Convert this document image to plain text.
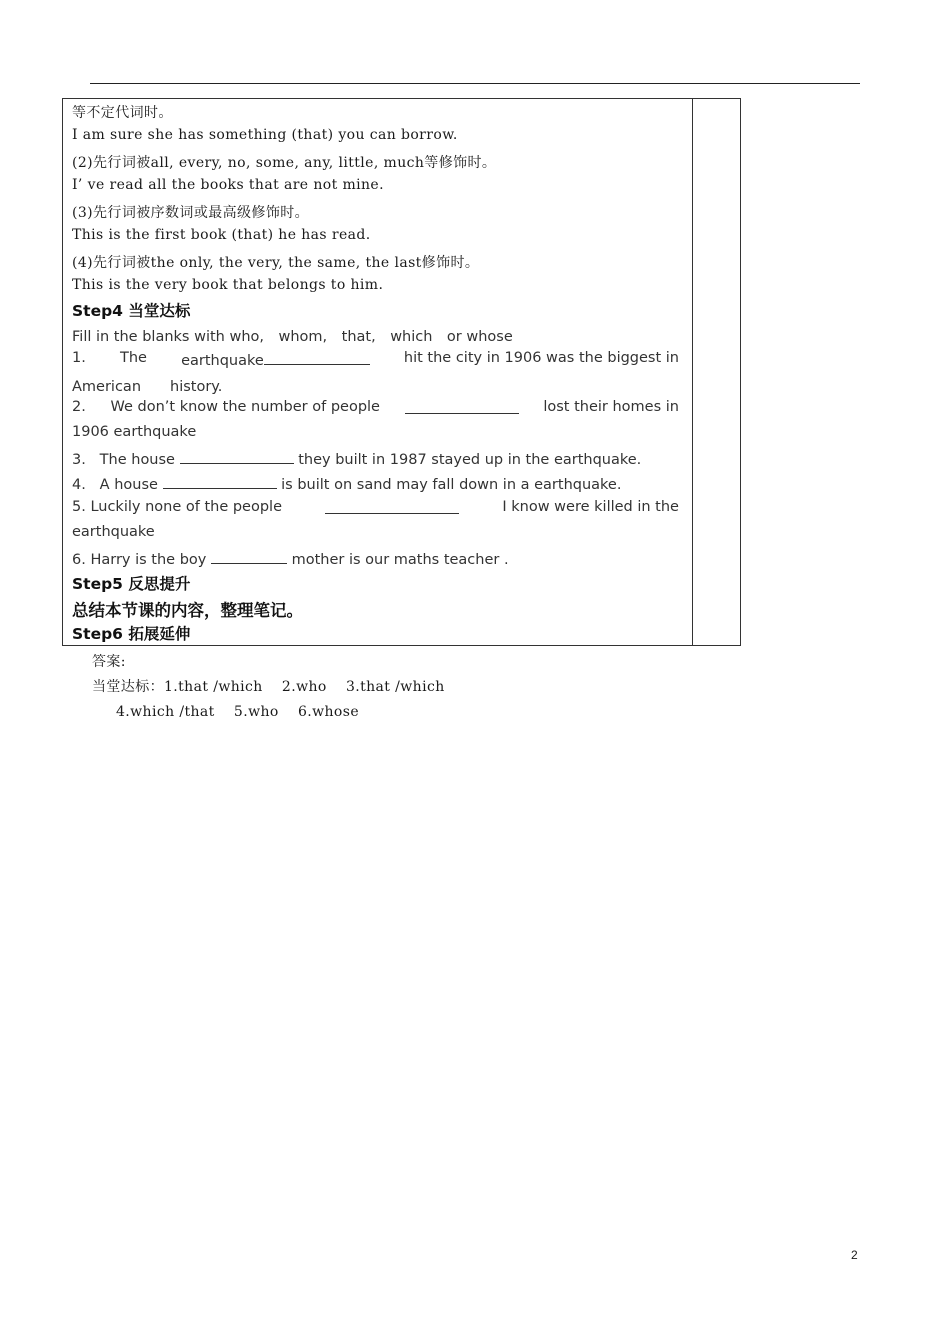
等不定代词时。
I am sure she has something (that) you can borrow.
(2)先行词被all, every, no, some, any, little, much等修饰时。
I’ ve read all the books that are not mine.
(3)先行词被序数词或最高级修饰时。
This is the first book (that) he has read.
(4)先行词被the only, the very, the same, the last修饰时。
This is the very book that belongs to him.
Step4 当堂达标
Fill in the blanks with who,　whom,　that,　which　or whose
1. The earthquake	hit the city in 1906 was the biggest in
American　　history.
2. We don’t know the number of people	lost their homes in
1906 earthquake
3. The house	they built in 1987 stayed up in the earthquake.
4. A house	is built on sand may fall down in a earthquake.
5. Luckily none of the people	I know were killed in the
earthquake
6. Harry is the boy	mother is our maths teacher .
Step5 反思提升
总结本节课的内容，整理笔记。
Step6 拓展延伸
答案:
当堂达标：1.that /which　 2.who　 3.that /which
4.which /that　 5.who　 6.whose
2
